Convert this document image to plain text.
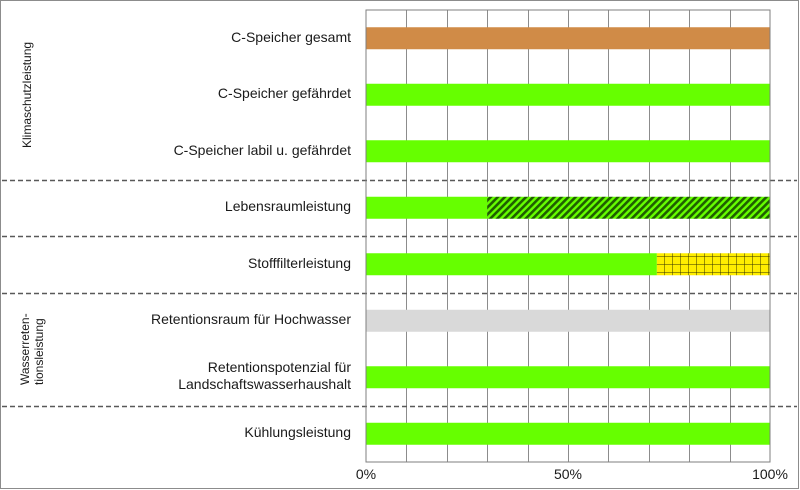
C-Speicher gesamt
C-Speicher gefährdet
C-Speicher labil u. gefährdet
Lebensraumleistung
Stofffilterleistung
Retentionsraum für Hochwasser
Retentionspotenzial für
Landschaftswasserhaushalt
Kühlungsleistung
Klimaschutzleistung
Wasserreten- tionsleistung
0%	50%	100%
